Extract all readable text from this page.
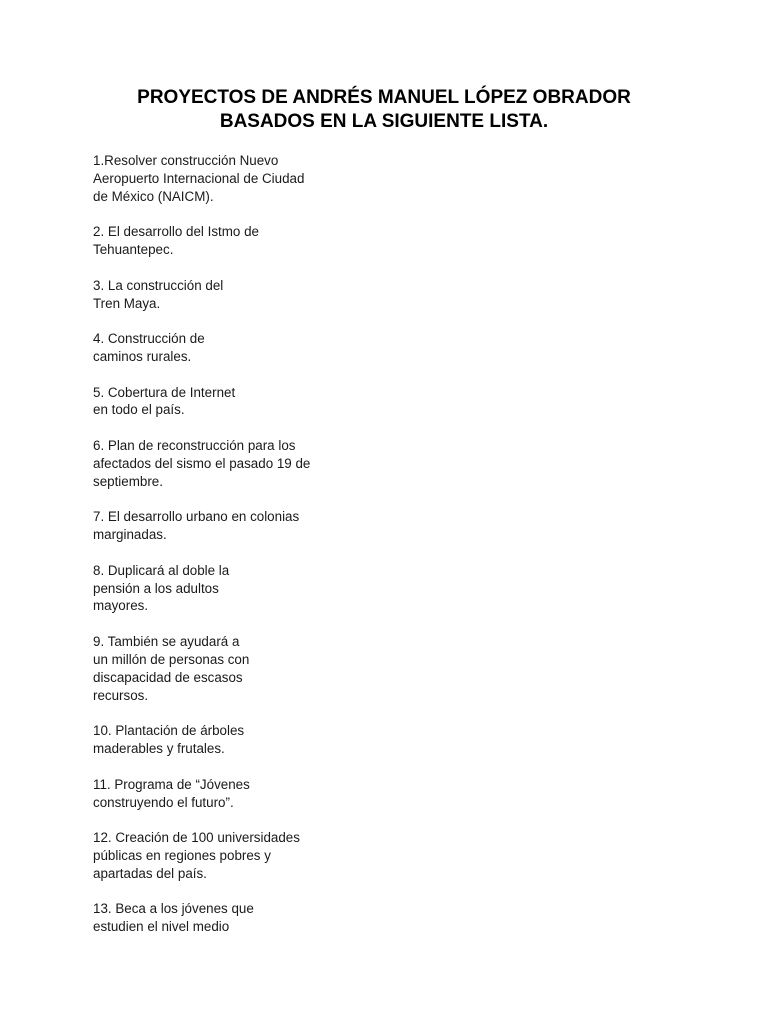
PROYECTOS DE ANDRÉS MANUEL LÓPEZ OBRADOR
BASADOS EN LA SIGUIENTE LISTA.
1.Resolver construcción Nuevo
Aeropuerto Internacional de Ciudad
de México (NAICM).
2. El desarrollo del Istmo de
Tehuantepec.
3. La construcción del
Tren Maya.
4. Construcción de
caminos rurales.
5. Cobertura de Internet
en todo el país.
6. Plan de reconstrucción para los
afectados del sismo el pasado 19 de
septiembre.
7. El desarrollo urbano en colonias
marginadas.
8. Duplicará al doble la
pensión a los adultos
mayores.
9. También se ayudará a
un millón de personas con
discapacidad de escasos
recursos.
10. Plantación de árboles
maderables y frutales.
11. Programa de “Jóvenes
construyendo el futuro”.
12. Creación de 100 universidades
públicas en regiones pobres y
apartadas del país.
13. Beca a los jóvenes que
estudien el nivel medio
